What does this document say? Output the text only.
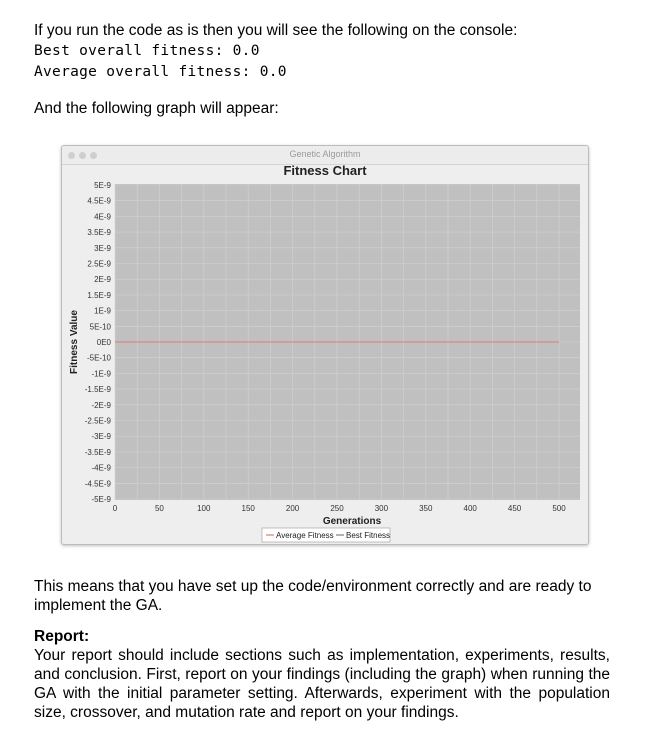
If you run the code as is then you will see the following on the console:

Best overall fitness: 0.0

Average overall fitness: 0.0

And the following graph will appear:

Genetic Algorithm
Fitness Chart
5E-9
4.5E-9
4E-9
3.5E-9
3E-9
2.5E-9
2E-9
1.5E-9
1E-9
5E-10
0E0
-5E-10
-1E-9
-1.5E-9
-2E-9
-2.5E-9
-3E-9
-3.5E-9
-4E-9
-4.5E-9
-5E-9
0	50	100	150	200	250	300	350	400	450	500
Generations
Fitness Value
Average Fitness Best Fitness

This means that you have set up the code/environment correctly and are ready to implement the GA.

Report:

Your report should include sections such as implementation, experiments, results, and conclusion. First, report on your findings (including the graph) when running the GA with the initial parameter setting. Afterwards, experiment with the population size, crossover, and mutation rate and report on your findings.
